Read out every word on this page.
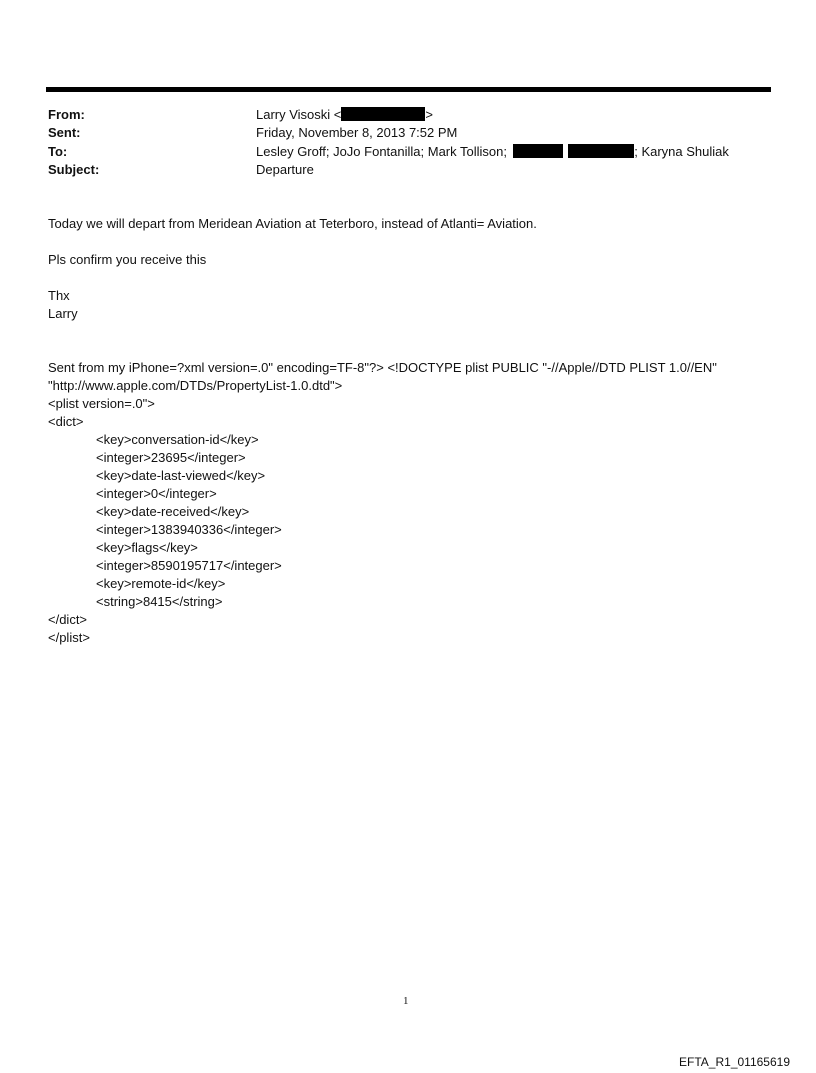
From:	Larry Visoski <	>
Sent:	Friday, November 8, 2013 7:52 PM
To:	Lesley Groff; JoJo Fontanilla; Mark Tollison;	; Karyna Shuliak
Subject:	Departure
Today we will depart from Meridean Aviation at Teterboro, instead of Atlanti= Aviation.
Pls confirm you receive this
Thx
Larry
Sent from my iPhone=?xml version=.0" encoding=TF-8"?> <!DOCTYPE plist PUBLIC "-//Apple//DTD PLIST 1.0//EN"
"http://www.apple.com/DTDs/PropertyList-1.0.dtd">
<plist version=.0">
<dict>
<key>conversation-id</key>
<integer>23695</integer>
<key>date-last-viewed</key>
<integer>0</integer>
<key>date-received</key>
<integer>1383940336</integer>
<key>flags</key>
<integer>8590195717</integer>
<key>remote-id</key>
<string>8415</string>
</dict>
</plist>
1
EFTA_R1_01165619
